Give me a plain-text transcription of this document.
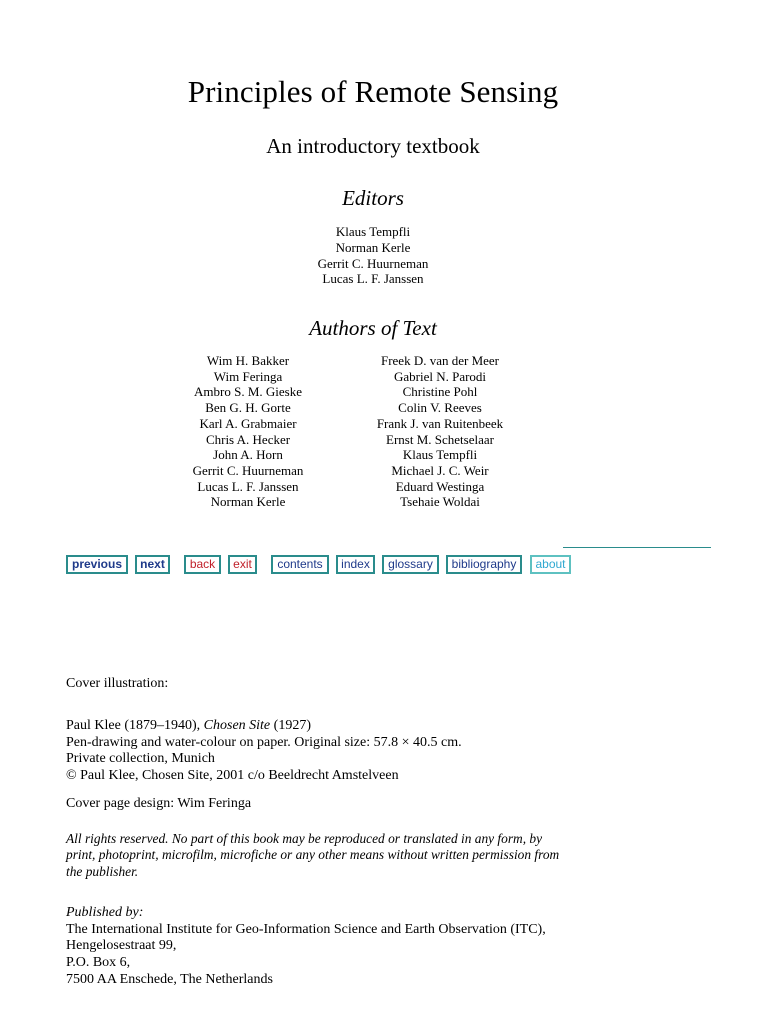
Principles of Remote Sensing
An introductory textbook
Editors
Klaus Tempfli
Norman Kerle
Gerrit C. Huurneman
Lucas L. F. Janssen
Authors of Text
Wim H. Bakker
Wim Feringa
Ambro S. M. Gieske
Ben G. H. Gorte
Karl A. Grabmaier
Chris A. Hecker
John A. Horn
Gerrit C. Huurneman
Lucas L. F. Janssen
Norman Kerle
Freek D. van der Meer
Gabriel N. Parodi
Christine Pohl
Colin V. Reeves
Frank J. van Ruitenbeek
Ernst M. Schetselaar
Klaus Tempfli
Michael J. C. Weir
Eduard Westinga
Tsehaie Woldai
previous	next	back	exit	contents	index	glossary	bibliography	about
Cover illustration:
Paul Klee (1879–1940), Chosen Site (1927)
Pen-drawing and water-colour on paper. Original size: 57.8 × 40.5 cm.
Private collection, Munich
© Paul Klee, Chosen Site, 2001 c/o Beeldrecht Amstelveen
Cover page design: Wim Feringa
All rights reserved. No part of this book may be reproduced or translated in any form, by print, photoprint, microfilm, microfiche or any other means without written permission from the publisher.
Published by:
The International Institute for Geo-Information Science and Earth Observation (ITC),
Hengelosestraat 99,
P.O. Box 6,
7500 AA Enschede, The Netherlands
